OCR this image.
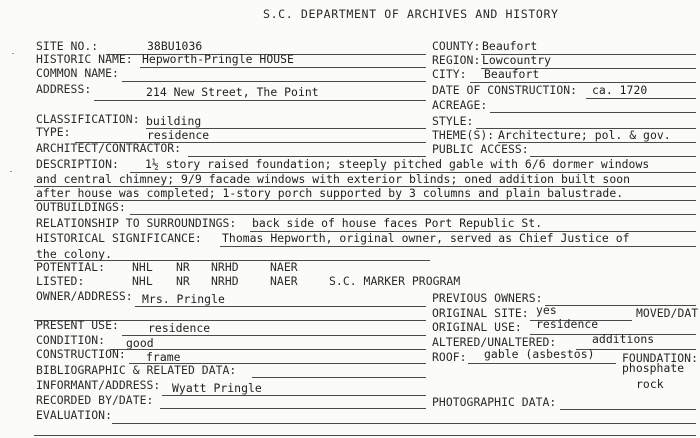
S.C. DEPARTMENT OF ARCHIVES AND HISTORY
SITE NO.:	38BU1036
HISTORIC NAME: Hepworth-Pringle HOUSE
COMMON NAME:
ADDRESS:	214 New Street, The Point
CLASSIFICATION: building
TYPE:	residence
ARCHITECT/CONTRACTOR:
DESCRIPTION: 1½ story raised foundation; steeply pitched gable with 6/6 dormer windows
and central chimney; 9/9 facade windows with exterior blinds; oned addition built soon
after house was completed; 1-story porch supported by 3 columns and plain balustrade.
OUTBUILDINGS:
RELATIONSHIP TO SURROUNDINGS: back side of house faces Port Republic St.
HISTORICAL SIGNIFICANCE: Thomas Hepworth, original owner, served as Chief Justice of
the colony.
POTENTIAL: NHL NR NRHD	NAER
LISTED:	NHL NR NRHD	NAER	S.C. MARKER PROGRAM
OWNER/ADDRESS: Mrs. Pringle
PRESENT USE:	residence
CONDITION: good
CONSTRUCTION: frame
BIBLIOGRAPHIC & RELATED DATA:
INFORMANT/ADDRESS: Wyatt Pringle
RECORDED BY/DATE:
EVALUATION:
COUNTY: Beaufort
REGION: Lowcountry
CITY: Beaufort
DATE OF CONSTRUCTION: ca. 1720
ACREAGE:
STYLE:
THEME(S): Architecture; pol. & gov.
PUBLIC ACCESS:
PREVIOUS OWNERS:
ORIGINAL SITE: yes	MOVED/DAT
ORIGINAL USE: residence
ALTERED/UNALTERED:	additions
ROOF: gable (asbestos) FOUNDATION:
phosphate
rock
PHOTOGRAPHIC DATA:
